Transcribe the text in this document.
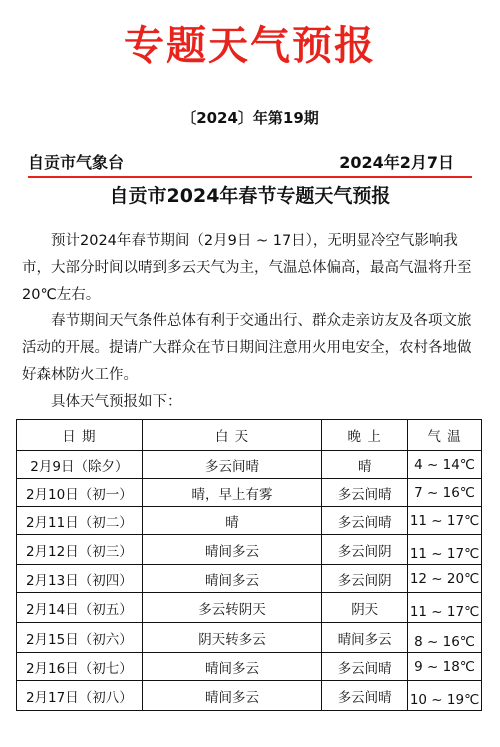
专题天气预报
〔2024〕年第19期
自贡市气象台	2024年2月7日
自贡市2024年春节专题天气预报

预计2024年春节期间（2月9日 ~ 17日），无明显冷空气影响我市，大部分时间以晴到多云天气为主，气温总体偏高，最高气温将升至20℃左右。

春节期间天气条件总体有利于交通出行、群众走亲访友及各项文旅活动的开展。提请广大群众在节日期间注意用火用电安全，农村各地做好森林防火工作。

具体天气预报如下：

日 期	白 天	晚 上	气 温
2月9日（除夕）	多云间晴	晴	4 ~ 14℃
2月10日（初一）	晴，早上有雾	多云间晴	7 ~ 16℃
2月11日（初二）	晴	多云间晴	11 ~ 17℃
2月12日（初三）	晴间多云	多云间阴	11 ~ 17℃
2月13日（初四）	晴间多云	多云间阴	12 ~ 20℃
2月14日（初五）	多云转阴天	阴天	11 ~ 17℃
2月15日（初六）	阴天转多云	晴间多云	8 ~ 16℃
2月16日（初七）	晴间多云	多云间晴	9 ~ 18℃
2月17日（初八）	晴间多云	多云间晴	10 ~ 19℃
